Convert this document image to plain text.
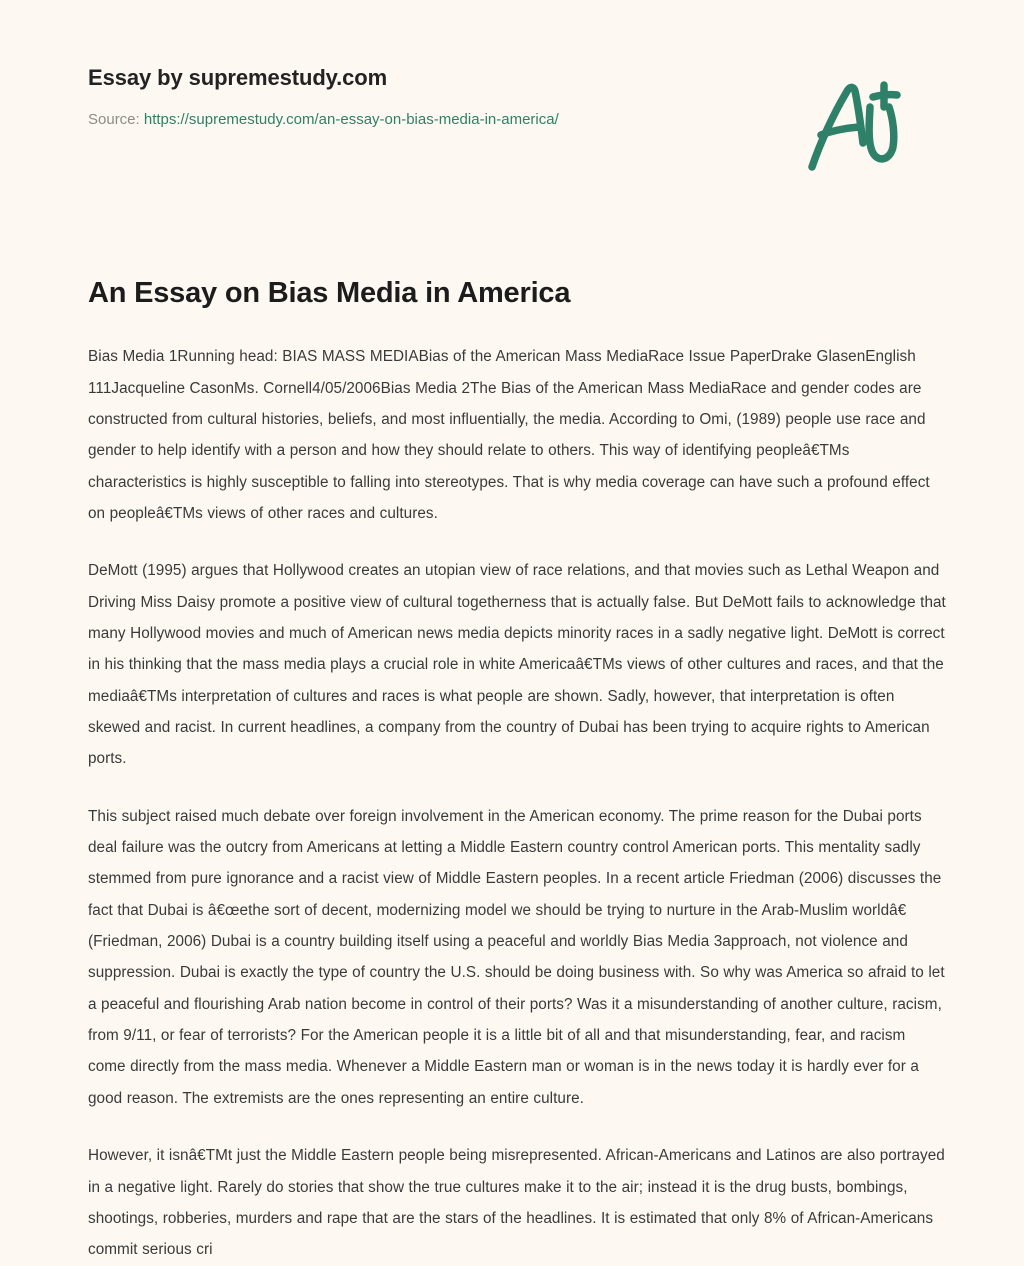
Essay by supremestudy.com
Source: https://supremestudy.com/an-essay-on-bias-media-in-america/
An Essay on Bias Media in America

Bias Media 1Running head: BIAS MASS MEDIABias of the American Mass MediaRace Issue PaperDrake GlasenEnglish 111Jacqueline CasonMs. Cornell4/05/2006Bias Media 2The Bias of the American Mass MediaRace and gender codes are constructed from cultural histories, beliefs, and most influentially, the media. According to Omi, (1989) people use race and gender to help identify with a person and how they should relate to others. This way of identifying peopleâ€TMs characteristics is highly susceptible to falling into stereotypes. That is why media coverage can have such a profound effect on peopleâ€TMs views of other races and cultures.

DeMott (1995) argues that Hollywood creates an utopian view of race relations, and that movies such as Lethal Weapon and Driving Miss Daisy promote a positive view of cultural togetherness that is actually false. But DeMott fails to acknowledge that many Hollywood movies and much of American news media depicts minority races in a sadly negative light. DeMott is correct in his thinking that the mass media plays a crucial role in white Americaâ€TMs views of other cultures and races, and that the mediaâ€TMs interpretation of cultures and races is what people are shown. Sadly, however, that interpretation is often skewed and racist. In current headlines, a company from the country of Dubai has been trying to acquire rights to American ports.

This subject raised much debate over foreign involvement in the American economy. The prime reason for the Dubai ports deal failure was the outcry from Americans at letting a Middle Eastern country control American ports. This mentality sadly stemmed from pure ignorance and a racist view of Middle Eastern peoples. In a recent article Friedman (2006) discusses the fact that Dubai is â€œethe sort of decent, modernizing model we should be trying to nurture in the Arab-Muslim worldâ€ (Friedman, 2006) Dubai is a country building itself using a peaceful and worldly Bias Media 3approach, not violence and suppression. Dubai is exactly the type of country the U.S. should be doing business with. So why was America so afraid to let a peaceful and flourishing Arab nation become in control of their ports? Was it a misunderstanding of another culture, racism, from 9/11, or fear of terrorists? For the American people it is a little bit of all and that misunderstanding, fear, and racism come directly from the mass media. Whenever a Middle Eastern man or woman is in the news today it is hardly ever for a good reason. The extremists are the ones representing an entire culture.

However, it isnâ€TMt just the Middle Eastern people being misrepresented. African-Americans and Latinos are also portrayed in a negative light. Rarely do stories that show the true cultures make it to the air; instead it is the drug busts, bombings, shootings, robberies, murders and rape that are the stars of the headlines. It is estimated that only 8% of African-Americans commit serious cri
